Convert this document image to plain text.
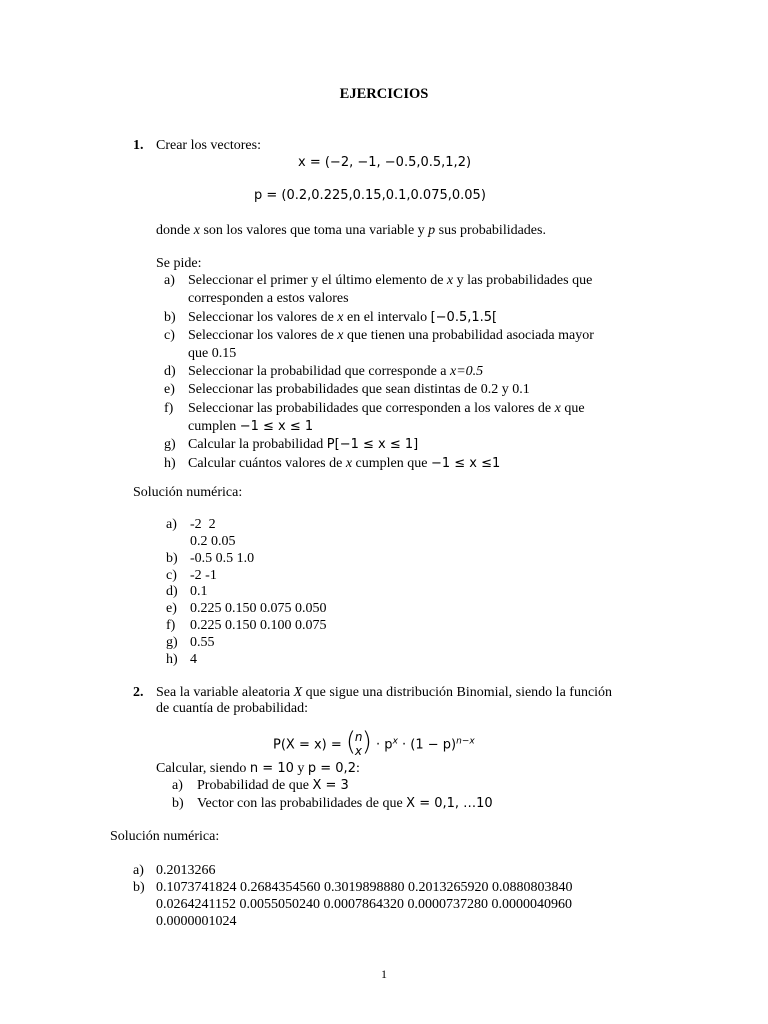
EJERCICIOS
1. Crear los vectores:
x = (−2, −1, −0.5,0.5,1,2)
p = (0.2,0.225,0.15,0.1,0.075,0.05)
donde x son los valores que toma una variable y p sus probabilidades.
Se pide:
a) Seleccionar el primer y el último elemento de x y las probabilidades que
corresponden a estos valores
b) Seleccionar los valores de x en el intervalo [−0.5,1.5[
c) Seleccionar los valores de x que tienen una probabilidad asociada mayor
que 0.15
d) Seleccionar la probabilidad que corresponde a x=0.5
e) Seleccionar las probabilidades que sean distintas de 0.2 y 0.1
f) Seleccionar las probabilidades que corresponden a los valores de x que
cumplen −1 ≤ x ≤ 1
g) Calcular la probabilidad P[−1 ≤ x ≤ 1]
h) Calcular cuántos valores de x cumplen que −1 ≤ x ≤1
Solución numérica:
a) -2  2
0.2 0.05
b) -0.5 0.5 1.0
c) -2 -1
d) 0.1
e) 0.225 0.150 0.075 0.050
f) 0.225 0.150 0.100 0.075
g) 0.55
h) 4
2. Sea la variable aleatoria X que sigue una distribución Binomial, siendo la función
de cuantía de probabilidad:
P(X = x) = (
n
x ) · $p^x \cdot (1 - p)^{n-x}$
Calcular, siendo n = 10 y p = 0,2:
a) Probabilidad de que X = 3
b) Vector con las probabilidades de que X = 0,1, …10
Solución numérica:
a) 0.2013266
b) 0.1073741824 0.2684354560 0.3019898880 0.2013265920 0.0880803840
0.0264241152 0.0055050240 0.0007864320 0.0000737280 0.0000040960
0.0000001024
1
